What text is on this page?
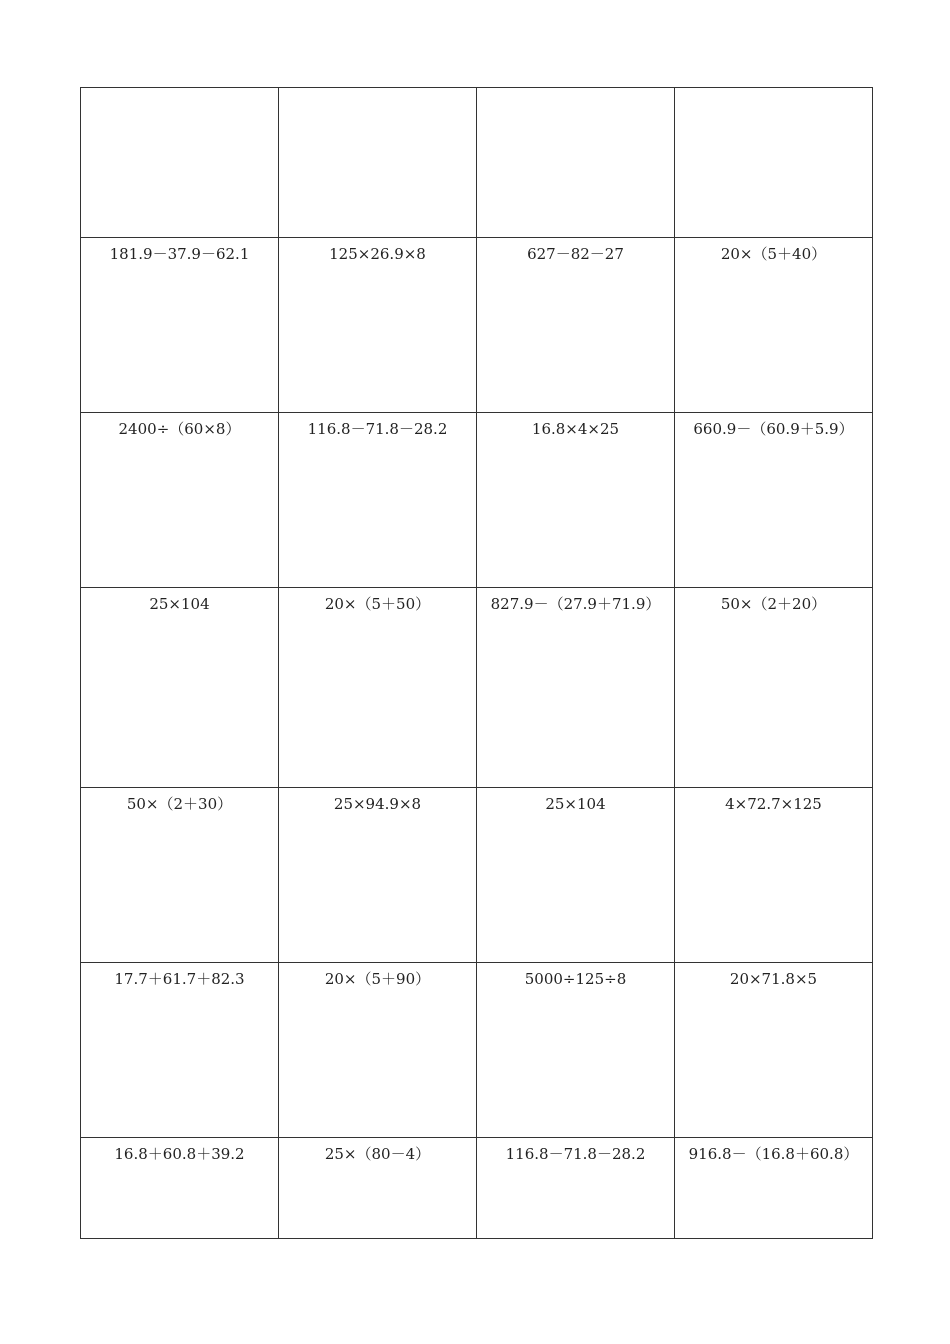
181.9－37.9－62.1	125×26.9×8	627－82－27	20×（5＋40）
2400÷（60×8）	116.8－71.8－28.2	16.8×4×25	660.9－（60.9＋5.9）
25×104	20×（5＋50）	827.9－（27.9＋71.9）	50×（2＋20）
50×（2＋30）	25×94.9×8	25×104	4×72.7×125
17.7＋61.7＋82.3	20×（5＋90）	5000÷125÷8	20×71.8×5
16.8＋60.8＋39.2	25×（80－4）	116.8－71.8－28.2	916.8－（16.8＋60.8）
